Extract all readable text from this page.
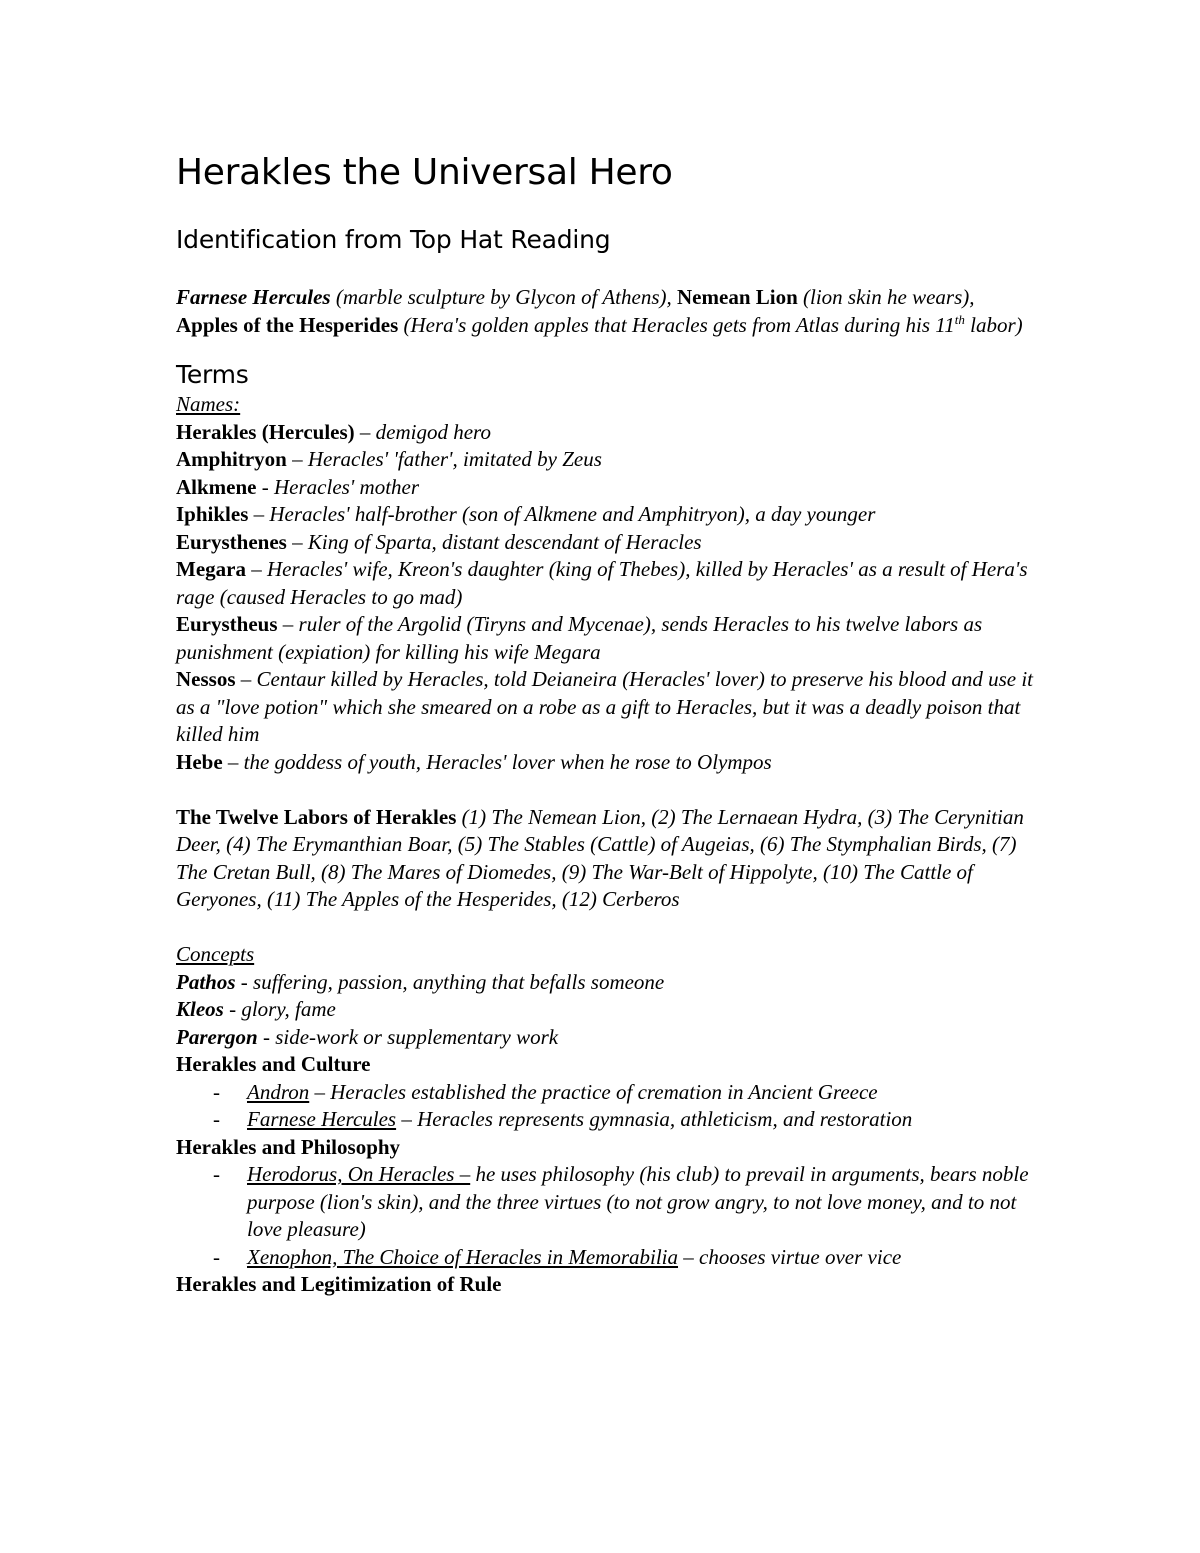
Herakles the Universal Hero
Identification from Top Hat Reading

Farnese Hercules (marble sculpture by Glycon of Athens), Nemean Lion (lion skin he wears), Apples of the Hesperides (Hera's golden apples that Heracles gets from Atlas during his 11th labor)

Terms

Names:

Herakles (Hercules) – demigod hero

Amphitryon – Heracles' 'father', imitated by Zeus

Alkmene - Heracles' mother

Iphikles – Heracles' half-brother (son of Alkmene and Amphitryon), a day younger

Eurysthenes – King of Sparta, distant descendant of Heracles

Megara – Heracles' wife, Kreon's daughter (king of Thebes), killed by Heracles' as a result of Hera's rage (caused Heracles to go mad)

Eurystheus – ruler of the Argolid (Tiryns and Mycenae), sends Heracles to his twelve labors as punishment (expiation) for killing his wife Megara

Nessos – Centaur killed by Heracles, told Deianeira (Heracles' lover) to preserve his blood and use it as a "love potion" which she smeared on a robe as a gift to Heracles, but it was a deadly poison that killed him

Hebe – the goddess of youth, Heracles' lover when he rose to Olympos

The Twelve Labors of Herakles (1) The Nemean Lion, (2) The Lernaean Hydra, (3) The Cerynitian Deer, (4) The Erymanthian Boar, (5) The Stables (Cattle) of Augeias, (6) The Stymphalian Birds, (7) The Cretan Bull, (8) The Mares of Diomedes, (9) The War-Belt of Hippolyte, (10) The Cattle of Geryones, (11) The Apples of the Hesperides, (12) Cerberos

Concepts

Pathos - suffering, passion, anything that befalls someone

Kleos - glory, fame

Parergon - side-work or supplementary work

Herakles and Culture

- Andron – Heracles established the practice of cremation in Ancient Greece
- Farnese Hercules – Heracles represents gymnasia, athleticism, and restoration

Herakles and Philosophy

- Herodorus, On Heracles – he uses philosophy (his club) to prevail in arguments, bears noble purpose (lion's skin), and the three virtues (to not grow angry, to not love money, and to not love pleasure)
- Xenophon, The Choice of Heracles in Memorabilia – chooses virtue over vice

Herakles and Legitimization of Rule
